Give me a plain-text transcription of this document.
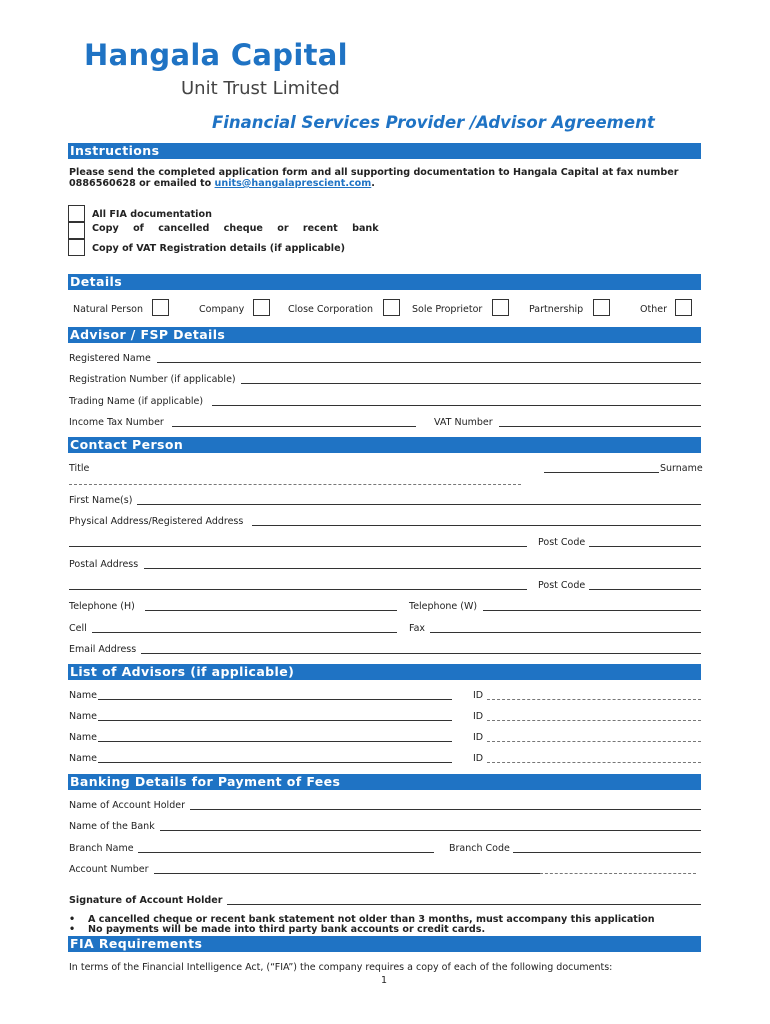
Hangala Capital
Unit Trust Limited
Financial Services Provider /Advisor Agreement
Instructions
Please send the completed application form and all supporting documentation to Hangala Capital at fax number
0886560628 or emailed to units@hangalaprescient.com.
All FIA documentation
Copy of cancelled cheque or recent bank
Copy of VAT Registration details (if applicable)
Details
Natural Person	Company	Close Corporation	Sole Proprietor	Partnership	Other
Advisor / FSP Details
Registered Name
Registration Number (if applicable)
Trading Name (if applicable)
Income Tax Number	VAT Number
Contact Person
Title	Surname
First Name(s)
Physical Address/Registered Address
Post Code
Postal Address
Post Code
Telephone (H)	Telephone (W)
Cell	Fax
Email Address
List of Advisors (if applicable)
Name	ID
Name	ID
Name	ID
Name	ID
Banking Details for Payment of Fees
Name of Account Holder
Name of the Bank
Branch Name	Branch Code
Account Number
Signature of Account Holder
• A cancelled cheque or recent bank statement not older than 3 months, must accompany this application
• No payments will be made into third party bank accounts or credit cards.
FIA Requirements
In terms of the Financial Intelligence Act, (“FIA”) the company requires a copy of each of the following documents:
1
